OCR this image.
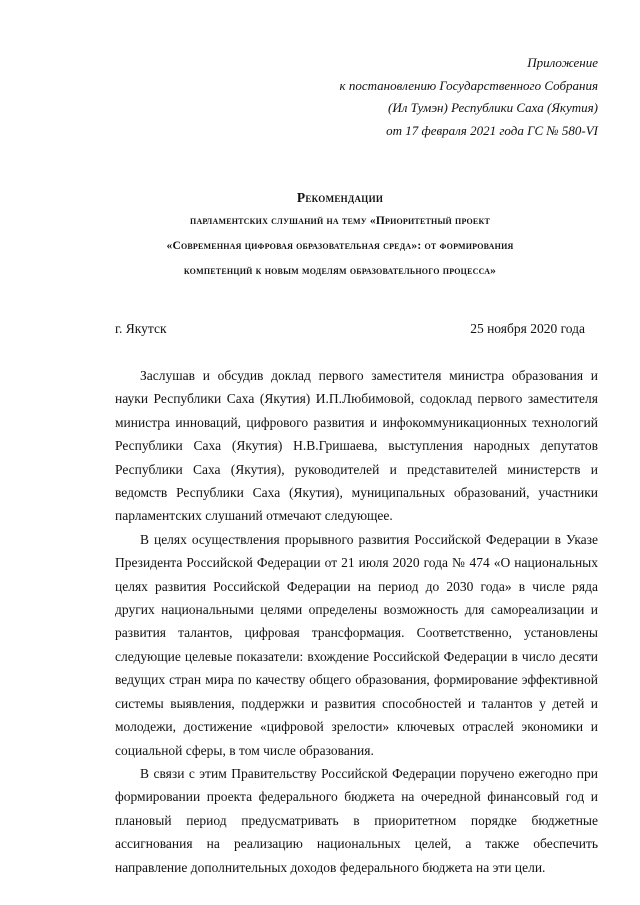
Приложение
к постановлению Государственного Собрания
(Ил Тумэн) Республики Саха (Якутия)
от 17 февраля 2021 года ГС № 580-VI
Рекомендации
парламентских слушаний на тему «Приоритетный проект
«Современная цифровая образовательная среда»: от формирования
компетенций к новым моделям образовательного процесса»
г. Якутск	25 ноября 2020 года

Заслушав и обсудив доклад первого заместителя министра образования и науки Республики Саха (Якутия) И.П.Любимовой, содоклад первого заместителя министра инноваций, цифрового развития и инфокоммуникационных технологий Республики Саха (Якутия) Н.В.Гришаева, выступления народных депутатов Республики Саха (Якутия), руководителей и представителей министерств и ведомств Республики Саха (Якутия), муниципальных образований, участники парламентских слушаний отмечают следующее.

В целях осуществления прорывного развития Российской Федерации в Указе Президента Российской Федерации от 21 июля 2020 года № 474 «О национальных целях развития Российской Федерации на период до 2030 года» в числе ряда других национальными целями определены возможность для самореализации и развития талантов, цифровая трансформация. Соответственно, установлены следующие целевые показатели: вхождение Российской Федерации в число десяти ведущих стран мира по качеству общего образования, формирование эффективной системы выявления, поддержки и развития способностей и талантов у детей и молодежи, достижение «цифровой зрелости» ключевых отраслей экономики и социальной сферы, в том числе образования.

В связи с этим Правительству Российской Федерации поручено ежегодно при формировании проекта федерального бюджета на очередной финансовый год и плановый период предусматривать в приоритетном порядке бюджетные ассигнования на реализацию национальных целей, а также обеспечить направление дополнительных доходов федерального бюджета на эти цели.
